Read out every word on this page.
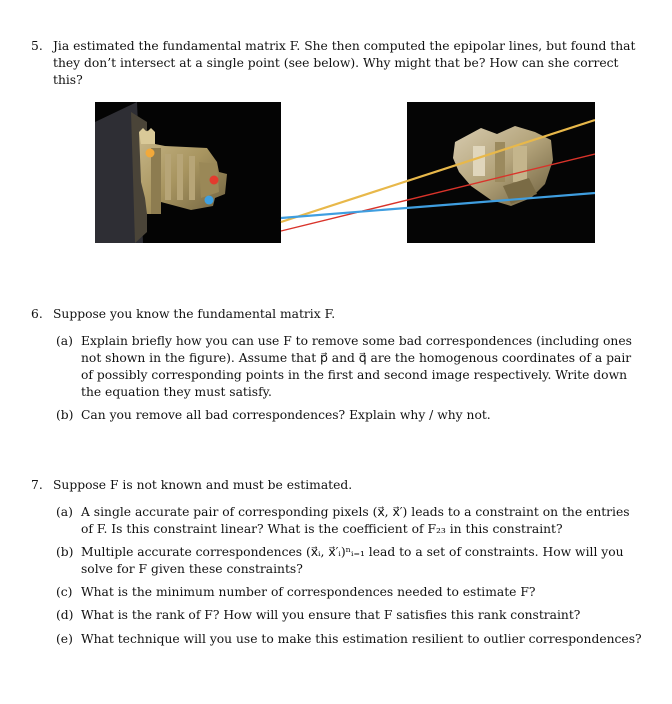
5. Jia estimated the fundamental matrix F. She then computed the epipolar lines, but found that
they don’t intersect at a single point (see below). Why might that be? How can she correct
this?
6. Suppose you know the fundamental matrix F.
(a) Explain briefly how you can use F to remove some bad correspondences (including ones
not shown in the figure). Assume that p⃗ and q⃗ are the homogenous coordinates of a pair
of possibly corresponding points in the first and second image respectively. Write down
the equation they must satisfy.
(b) Can you remove all bad correspondences? Explain why / why not.
7. Suppose F is not known and must be estimated.
(a) A single accurate pair of corresponding pixels (x⃗, x⃗′) leads to a constraint on the entries
of F. Is this constraint linear? What is the coefficient of F₂₃ in this constraint?
(b) Multiple accurate correspondences (x⃗ᵢ, x⃗′ᵢ)ⁿᵢ₌₁ lead to a set of constraints. How will you
solve for F given these constraints?
(c) What is the minimum number of correspondences needed to estimate F?
(d) What is the rank of F? How will you ensure that F satisfies this rank constraint?
(e) What technique will you use to make this estimation resilient to outlier correspondences?
